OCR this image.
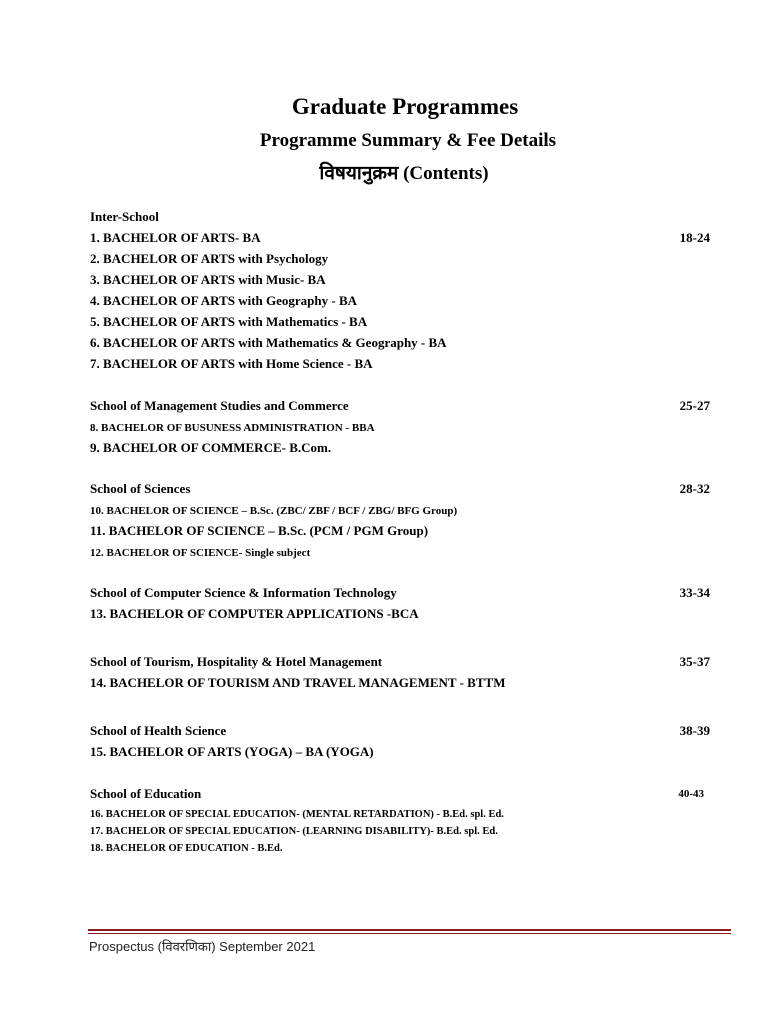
Graduate Programmes
Programme Summary & Fee Details
विषयानुक्रम (Contents)
Inter-School
1. BACHELOR OF ARTS- BA	18-24
2. BACHELOR OF ARTS with Psychology
3. BACHELOR OF ARTS with Music- BA
4. BACHELOR OF ARTS with Geography - BA
5. BACHELOR OF ARTS with Mathematics - BA
6. BACHELOR OF ARTS with Mathematics & Geography - BA
7. BACHELOR OF ARTS with Home Science - BA
School of Management Studies and Commerce	25-27
8. BACHELOR OF BUSUNESS ADMINISTRATION - BBA
9. BACHELOR OF COMMERCE- B.Com.
School of Sciences	28-32
10. BACHELOR OF SCIENCE – B.Sc. (ZBC/ ZBF / BCF / ZBG/ BFG Group)
11. BACHELOR OF SCIENCE – B.Sc. (PCM / PGM Group)
12. BACHELOR OF SCIENCE- Single subject
School of Computer Science & Information Technology	33-34
13. BACHELOR OF COMPUTER APPLICATIONS -BCA
School of Tourism, Hospitality & Hotel Management	35-37
14. BACHELOR OF TOURISM AND TRAVEL MANAGEMENT - BTTM
School of Health Science	38-39
15. BACHELOR OF ARTS (YOGA) – BA (YOGA)
School of Education	40-43
16. BACHELOR OF SPECIAL EDUCATION- (MENTAL RETARDATION) - B.Ed. spl. Ed.
17. BACHELOR OF SPECIAL EDUCATION- (LEARNING DISABILITY)- B.Ed. spl. Ed.
18. BACHELOR OF EDUCATION - B.Ed.
Prospectus (विवरणिका) September 2021
